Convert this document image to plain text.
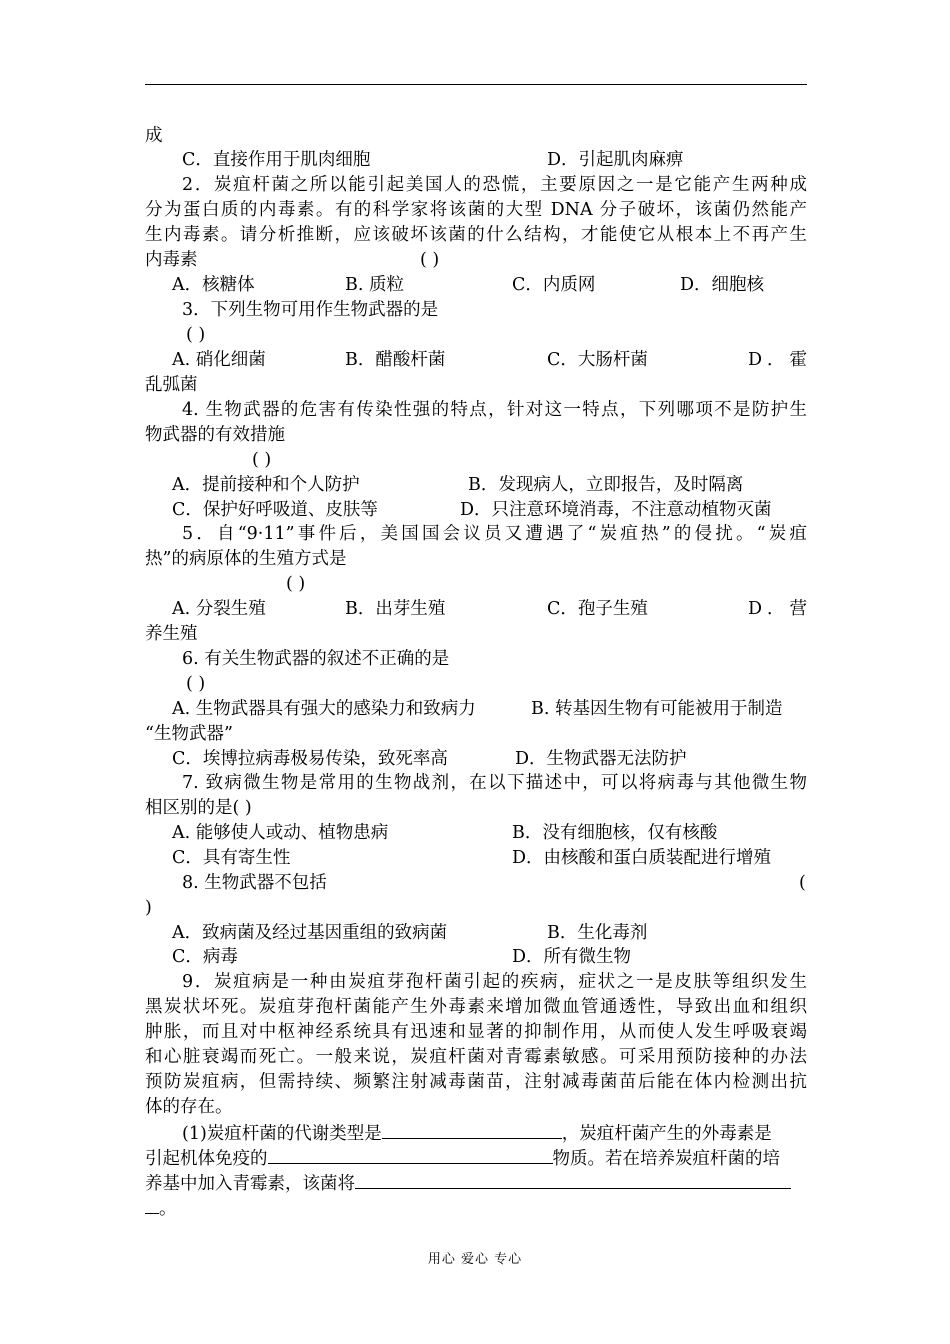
成
C．直接作用于肌肉细胞	D．引起肌肉麻痹
2．炭疽杆菌之所以能引起美国人的恐慌，主要原因之一是它能产生两种成
分为蛋白质的内毒素。有的科学家将该菌的大型 DNA 分子破坏，该菌仍然能产
生内毒素。请分析推断，应该破坏该菌的什么结构，才能使它从根本上不再产生
内毒素	( )
A．核糖体	B. 质粒	C．内质网	D．细胞核
3．下列生物可用作生物武器的是
( )
A. 硝化细菌	B．醋酸杆菌	C．大肠杆菌	D．霍
乱弧菌
4. 生物武器的危害有传染性强的特点，针对这一特点，下列哪项不是防护生
物武器的有效措施
( )
A．提前接种和个人防护	B．发现病人，立即报告，及时隔离
C．保护好呼吸道、皮肤等	D．只注意环境消毒，不注意动植物灭菌
5．自“9·11”事件后，美国国会议员又遭遇了“炭疽热”的侵扰。“炭疽
热”的病原体的生殖方式是
( )
A. 分裂生殖	B．出芽生殖	C．孢子生殖	D．营
养生殖
6. 有关生物武器的叙述不正确的是
( )
A. 生物武器具有强大的感染力和致病力	B. 转基因生物有可能被用于制造
“生物武器”
C．埃博拉病毒极易传染，致死率高	D．生物武器无法防护
7. 致病微生物是常用的生物战剂，在以下描述中，可以将病毒与其他微生物
相区别的是( )
A. 能够使人或动、植物患病	B．没有细胞核，仅有核酸
C．具有寄生性	D．由核酸和蛋白质装配进行增殖
8. 生物武器不包括	(
)
A．致病菌及经过基因重组的致病菌	B．生化毒剂
C．病毒	D．所有微生物
9．炭疽病是一种由炭疽芽孢杆菌引起的疾病，症状之一是皮肤等组织发生
黑炭状坏死。炭疽芽孢杆菌能产生外毒素来增加微血管通透性，导致出血和组织
肿胀，而且对中枢神经系统具有迅速和显著的抑制作用，从而使人发生呼吸衰竭
和心脏衰竭而死亡。一般来说，炭疽杆菌对青霉素敏感。可采用预防接种的办法
预防炭疽病，但需持续、频繁注射减毒菌苗，注射减毒菌苗后能在体内检测出抗
体的存在。
(1)炭疽杆菌的代谢类型是	，炭疽杆菌产生的外毒素是
引起机体免疫的	物质。若在培养炭疽杆菌的培
养基中加入青霉素，该菌将
。
用心 爱心 专心
